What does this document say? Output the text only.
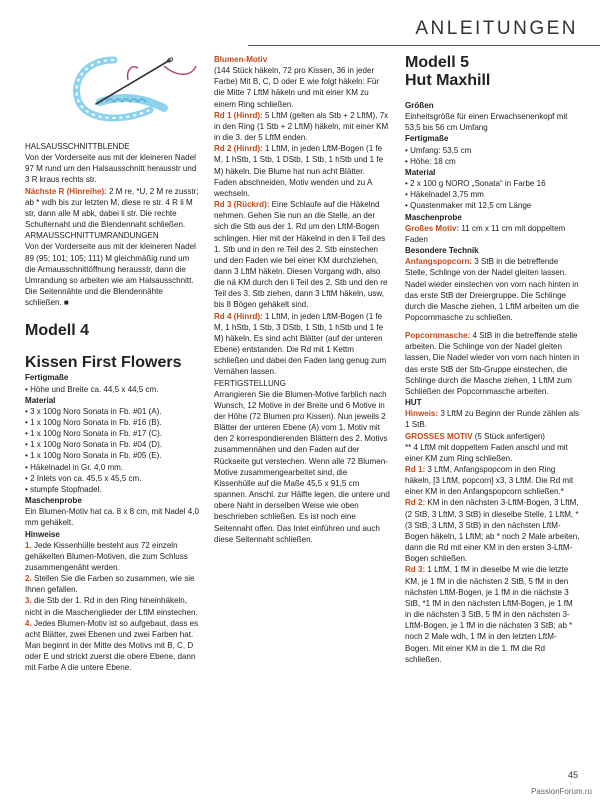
ANLEITUNGEN

HALSAUSSCHNITTBLENDE

Von der Vorderseite aus mit der kleineren Nadel 97 M rund um den Halsausschnitt herausstr und 3 R kraus rechts str.
Nächste R (Hinreihe): 2 M re, *U, 2 M re zusstr; ab * wdh bis zur letzten M, diese re str. 4 R li M str, dann alle M abk, dabei li str. Die rechte Schulternaht und die Blendennaht schließen.

ARMAUSSCHNITTUMRANDUNGEN

Von der Vorderseite aus mit der kleineren Nadel 89 (95; 101; 105; 111) M gleichmäßig rund um die Armausschnittöffnung herausstr, dann die Umrandung so arbeiten wie am Halsausschnitt. Die Seitennähte und die Blendennähte schließen. ■

Modell 4

Kissen First Flowers

Fertigmaße

• Höhe und Breite ca. 44,5 x 44,5 cm.

Material

• 3 x 100g Noro Sonata in Fb. #01 (A).

• 1 x 100g Noro Sonata in Fb. #16 (B).

• 1 x 100g Noro Sonata in Fb. #17 (C).

• 1 x 100g Noro Sonata in Fb. #04 (D).

• 1 x 100g Noro Sonata in Fb. #05 (E).

• Häkelnadel in Gr. 4,0 mm.

• 2 Inlets von ca. 45,5 x 45,5 cm.

• stumpfe Stopfnadel.

Maschenprobe

Ein Blumen-Motiv hat ca. 8 x 8 cm, mit Nadel 4,0 mm gehäkelt.

Hinweise

1. Jede Kissenhülle besteht aus 72 einzeln gehäkelten Blumen-Motiven, die zum Schluss zusammengenäht werden.

2. Stellen Sie die Farben so zusammen, wie sie Ihnen gefallen.

3. die Stb der 1. Rd in den Ring hineinhäkeln, nicht in die Maschenglieder der LftM einstechen.

4. Jedes Blumen-Motiv ist so aufgebaut, dass es acht Blätter, zwei Ebenen und zwei Farben hat. Man beginnt in der Mitte des Motivs mit B, C, D oder E und strickt zuerst die obere Ebene, dann mit Farbe A die untere Ebene.

Blumen-Motiv

(144 Stück häkeln, 72 pro Kissen, 36 in jeder Farbe) Mit B, C, D oder E wie folgt häkeln: Für die Mitte 7 LftM häkeln und mit einer KM zu einem Ring schließen.

Rd 1 (Hinrd): 5 LftM (gelten als Stb + 2 LftM), 7x in den Ring (1 Stb + 2 LftM) häkeln, mit einer KM in die 3. der 5 LftM enden.

Rd 2 (Hinrd): 1 LftM, in jeden LftM-Bogen (1 fe M, 1 hStb, 1 Stb, 1 DStb, 1 Stb, 1 hStb und 1 fe M) häkeln. Die Blume hat nun acht Blätter.

Faden abschneiden, Motiv wenden und zu A wechseln.

Rd 3 (Rückrd): Eine Schlaufe auf die Häkelnd nehmen. Gehen Sie nun an die Stelle, an der sich die Stb aus der 1. Rd um den LftM-Bogen schlingen. Hier mit der Häkelnd in den li Teil des 1. Stb und in den re Teil des 2. Stb einstechen und den Faden wie bei einer KM durchziehen, dann 3 LftM häkeln. Diesen Vorgang wdh, also die nä KM durch den li Teil des 2. Stb und den re Teil des 3. Stb ziehen, dann 3 LftM häkeln, usw, bis 8 Bögen gehäkelt sind.

Rd 4 (Hinrd): 1 LftM, in jeden LftM-Bogen (1 fe M, 1 hStb, 1 Stb, 3 DStb, 1 Stb, 1 hStb und 1 fe M) häkeln. Es sind acht Blätter (auf der unteren Ebene) entstanden. Die Rd mit 1 Kettm schließen und dabei den Faden lang genug zum Vernähen lassen.

FERTIGSTELLUNG

Arrangieren Sie die Blumen-Motive farblich nach Wunsch, 12 Motive in der Breite und 6 Motive in der Höhe (72 Blumen pro Kissen). Nun jeweils 2 Blätter der unteren Ebene (A) vom 1. Motiv mit den 2 korrespondierenden Blättern des 2. Motivs zusammennähen und den Faden auf der Rückseite gut verstechen. Wenn alle 72 Blumen-Motive zusammengearbeitet sind, die Kissenhülle auf die Maße 45,5 x 91,5 cm spannen. Anschl. zur Hälfte legen, die untere und obere Naht in derselben Weise wie oben beschrieben schließen. Es ist noch eine Seitennaht offen. Das Inlet einführen und auch diese Seitennaht schließen.

Modell 5

Hut Maxhill

Größen

Einheitsgröße für einen Erwachsenenkopf mit 53,5 bis 56 cm Umfang

Fertigmaße

• Umfang: 53,5 cm

• Höhe: 18 cm

Material

• 2 x 100 g NORO „Sonata“ in Farbe 16

• Häkelnadel 3,75 mm

• Quastenmaker mit 12,5 cm Länge

Maschenprobe

Großes Motiv: 11 cm x 11 cm mit doppeltem Faden

Besondere Technik

Anfangspopcorn: 3 StB in die betreffende Stelle, Schlinge von der Nadel gleiten lassen. Nadel wieder einstechen von vorn nach hinten in das erste StB der Dreiergruppe. Die Schlinge durch die Masche ziehen, 1 LftM arbeiten um die Popcornmasche zu schließen.

Popcornmasche: 4 StB in die betreffende stelle arbeiten. Die Schlinge von der Nadel gleiten lassen, Die Nadel wieder von vorn nach hinten in das erste StB der Stb-Gruppe einstechen, die Schlinge durch die Masche ziehen, 1 LftM zum Schließen der Popcornmasche arbeiten.

HUT

Hinweis: 3 LftM zu Beginn der Runde zählen als 1 StB.

GROSSES MOTIV (5 Stück anfertigen)
** 4 LftM mit doppeltem Faden anschl und mit einer KM zum Ring schließen.

Rd 1: 3 LftM, Anfangspopcorn in den Ring häkeln, [3 LftM, popcorn] x3, 3 LftM. Die Rd mit einer KM in den Anfangspopcorn schließen.*

Rd 2: KM in den nächsten 3-LftM-Bogen, 3 LftM, (2 StB, 3 LftM, 3 StB) in dieselbe Stelle, 1 LftM, *(3 StB, 3 LftM, 3 StB) in den nächsten LftM-Bogen häkeln, 1 LftM; ab * noch 2 Male arbeiten, dann die Rd mit einer KM in den ersten 3-LftM-Bogen schließen.

Rd 3: 1 LftM, 1 fM in dieselbe M wie die letzte KM, je 1 fM in die nächsten 2 StB, 5 fM in den nächsten LftM-Bogen, je 1 fM in die nächste 3 StB, *1 fM in den nächsten LftM-Bogen, je 1 fM in die nächsten 3 StB, 5 fM in den nächsten 3-LftM-Bogen, je 1 fM in die nächsten 3 StB; ab * noch 2 Male wdh, 1 fM in den letzten LftM-Bogen. Mit einer KM in die 1. fM die Rd schließen.

45
PassionForum.ru
